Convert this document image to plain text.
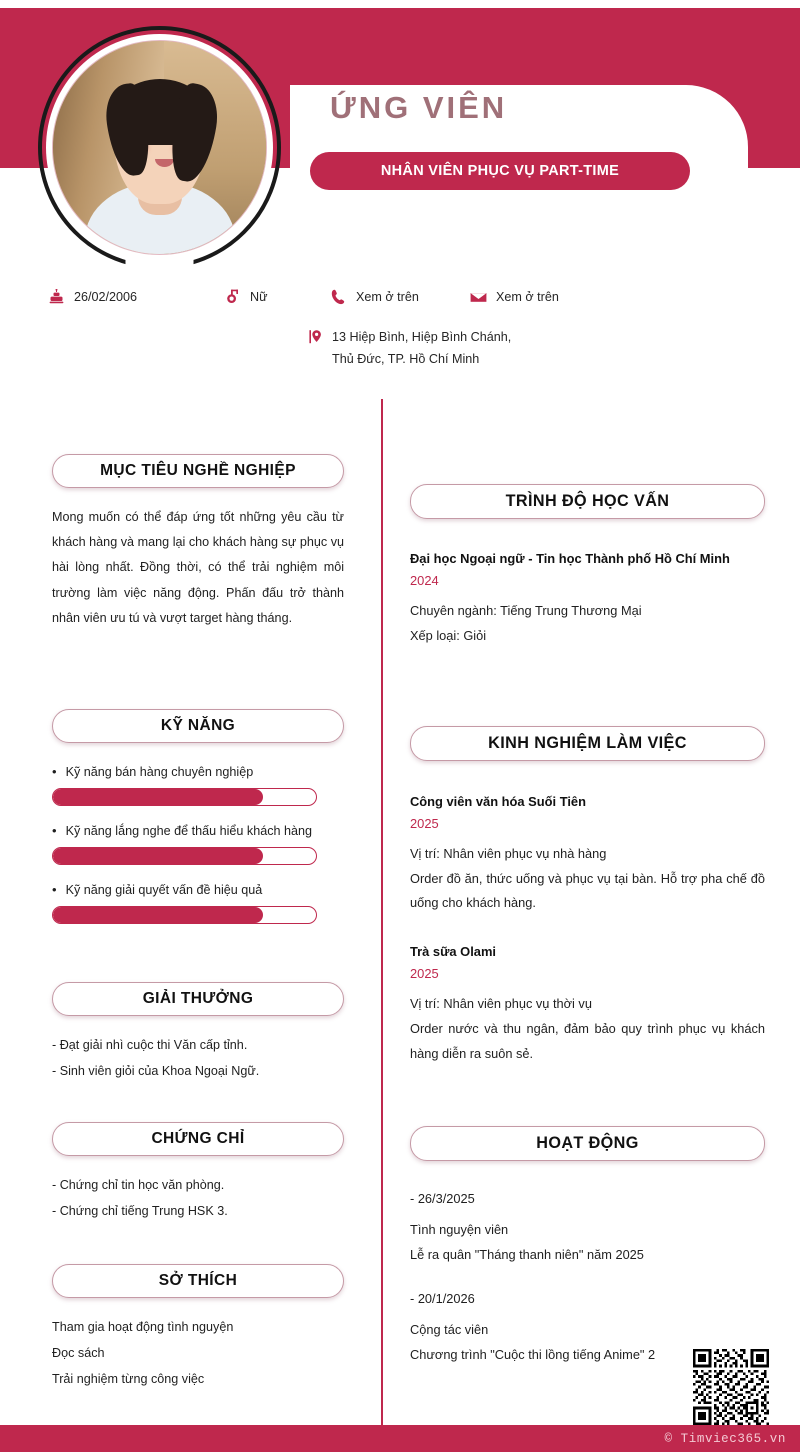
ỨNG VIÊN
NHÂN VIÊN PHỤC VỤ PART-TIME
26/02/2006	Nữ	Xem ở trên	Xem ở trên
13 Hiệp Bình, Hiệp Bình Chánh,
Thủ Đức, TP. Hồ Chí Minh
MỤC TIÊU NGHỀ NGHIỆP
Mong muốn có thể đáp ứng tốt những yêu cầu từ khách hàng và mang lại cho khách hàng sự phục vụ hài lòng nhất. Đồng thời, có thể trải nghiệm môi trường làm việc năng động. Phấn đấu trở thành nhân viên ưu tú và vượt target hàng tháng.
KỸ NĂNG
• Kỹ năng bán hàng chuyên nghiệp
• Kỹ năng lắng nghe để thấu hiểu khách hàng
• Kỹ năng giải quyết vấn đề hiệu quả
GIẢI THƯỞNG
- Đạt giải nhì cuộc thi Văn cấp tỉnh.
- Sinh viên giỏi của Khoa Ngoại Ngữ.
CHỨNG CHỈ
- Chứng chỉ tin học văn phòng.
- Chứng chỉ tiếng Trung HSK 3.
SỞ THÍCH
Tham gia hoạt động tình nguyện
Đọc sách
Trải nghiệm từng công việc
TRÌNH ĐỘ HỌC VẤN
Đại học Ngoại ngữ - Tin học Thành phố Hồ Chí Minh
2024
Chuyên ngành: Tiếng Trung Thương Mại
Xếp loại: Giỏi
KINH NGHIỆM LÀM VIỆC
Công viên văn hóa Suối Tiên
2025
Vị trí: Nhân viên phục vụ nhà hàng
Order đồ ăn, thức uống và phục vụ tại bàn. Hỗ trợ pha chế đồ uống cho khách hàng.
Trà sữa Olami
2025
Vị trí: Nhân viên phục vụ thời vụ
Order nước và thu ngân, đảm bảo quy trình phục vụ khách hàng diễn ra suôn sẻ.
HOẠT ĐỘNG
- 26/3/2025
Tình nguyện viên
Lễ ra quân "Tháng thanh niên" năm 2025
- 20/1/2026
Cộng tác viên
Chương trình "Cuộc thi lồng tiếng Anime" 2
© Timviec365.vn
